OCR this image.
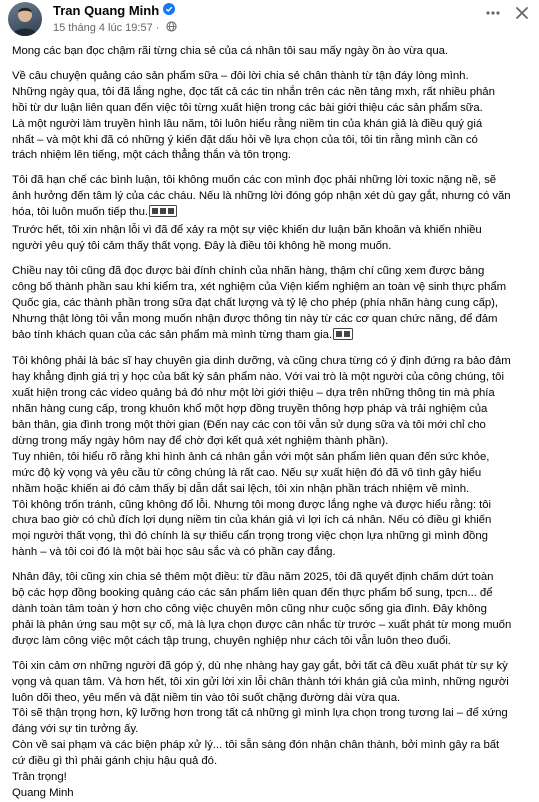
Tran Quang Minh
15 tháng 4 lúc 19:57 ·

Mong các bạn đọc chậm rãi từng chia sẻ của cá nhân tôi sau mấy ngày ồn ào vừa qua.

Về câu chuyện quảng cáo sản phẩm sữa – đôi lời chia sẻ chân thành từ tận đáy lòng mình.
Những ngày qua, tôi đã lắng nghe, đọc tất cả các tin nhắn trên các nền tảng mxh, rất nhiều phản
hồi từ dư luận liên quan đến việc tôi từng xuất hiện trong các bài giới thiệu các sản phẩm sữa.
Là một người làm truyền hình lâu năm, tôi luôn hiểu rằng niềm tin của khán giả là điều quý giá
nhất – và một khi đã có những ý kiến đặt dấu hỏi về lựa chọn của tôi, tôi tin rằng mình cần có
trách nhiệm lên tiếng, một cách thẳng thắn và tôn trọng.

Tôi đã hạn chế các bình luận, tôi không muốn các con mình đọc phải những lời toxic nặng nề, sẽ
ảnh hưởng đến tâm lý của các cháu. Nếu là những lời đóng góp nhận xét dù gay gắt, nhưng có văn
hóa, tôi luôn muốn tiếp thu.

Trước hết, tôi xin nhận lỗi vì đã để xảy ra một sự việc khiến dư luận băn khoăn và khiến nhiều
người yêu quý tôi cảm thấy thất vọng. Đây là điều tôi không hề mong muốn.

Chiều nay tôi cũng đã đọc được bài đính chính của nhãn hàng, thậm chí cũng xem được bảng
công bố thành phần sau khi kiểm tra, xét nghiệm của Viện kiểm nghiệm an toàn vệ sinh thực phẩm
Quốc gia, các thành phần trong sữa đạt chất lượng và tỷ lệ cho phép (phía nhãn hàng cung cấp),
Nhưng thật lòng tôi vẫn mong muốn nhận được thông tin này từ các cơ quan chức năng, để đảm
bảo tính khách quan của các sản phẩm mà mình từng tham gia.

Tôi không phải là bác sĩ hay chuyên gia dinh dưỡng, và cũng chưa từng có ý định đứng ra bảo đảm
hay khẳng định giá trị y học của bất kỳ sản phẩm nào. Với vai trò là một người của công chúng, tôi
xuất hiện trong các video quảng bá đó như một lời giới thiệu – dựa trên những thông tin mà phía
nhãn hàng cung cấp, trong khuôn khổ một hợp đồng truyền thông hợp pháp và trải nghiệm của
bản thân, gia đình trong một thời gian (Đến nay các con tôi vẫn sử dụng sữa và tôi mới chỉ cho
dừng trong mấy ngày hôm nay để chờ đợi kết quả xét nghiệm thành phần).
Tuy nhiên, tôi hiểu rõ rằng khi hình ảnh cá nhân gắn với một sản phẩm liên quan đến sức khỏe,
mức độ kỳ vọng và yêu cầu từ công chúng là rất cao. Nếu sự xuất hiện đó đã vô tình gây hiểu
nhầm hoặc khiến ai đó cảm thấy bị dẫn dắt sai lệch, tôi xin nhận phần trách nhiệm về mình.
Tôi không trốn tránh, cũng không đổ lỗi. Nhưng tôi mong được lắng nghe và được hiểu rằng: tôi
chưa bao giờ có chủ đích lợi dụng niềm tin của khán giả vì lợi ích cá nhân. Nếu có điều gì khiến
mọi người thất vọng, thì đó chính là sự thiếu cẩn trọng trong việc chọn lựa những gì mình đồng
hành – và tôi coi đó là một bài học sâu sắc và có phần cay đắng.

Nhân đây, tôi cũng xin chia sẻ thêm một điều: từ đầu năm 2025, tôi đã quyết định chấm dứt toàn
bộ các hợp đồng booking quảng cáo các sản phẩm liên quan đến thực phẩm bổ sung, tpcn... để
dành toàn tâm toàn ý hơn cho công việc chuyên môn cũng như cuộc sống gia đình. Đây không
phải là phản ứng sau một sự cố, mà là lựa chọn được cân nhắc từ trước – xuất phát từ mong muốn
được làm công việc một cách tập trung, chuyên nghiệp như cách tôi vẫn luôn theo đuổi.

Tôi xin cảm ơn những người đã góp ý, dù nhẹ nhàng hay gay gắt, bởi tất cả đều xuất phát từ sự kỳ
vọng và quan tâm. Và hơn hết, tôi xin gửi lời xin lỗi chân thành tới khán giả của mình, những người
luôn dõi theo, yêu mến và đặt niềm tin vào tôi suốt chặng đường dài vừa qua.
Tôi sẽ thận trọng hơn, kỹ lưỡng hơn trong tất cả những gì mình lựa chọn trong tương lai – để xứng
đáng với sự tin tưởng ấy.
Còn về sai phạm và các biện pháp xử lý... tôi sẵn sàng đón nhận chân thành, bởi mình gây ra bất
cứ điều gì thì phải gánh chịu hậu quả đó.
Trân trọng!
Quang Minh
